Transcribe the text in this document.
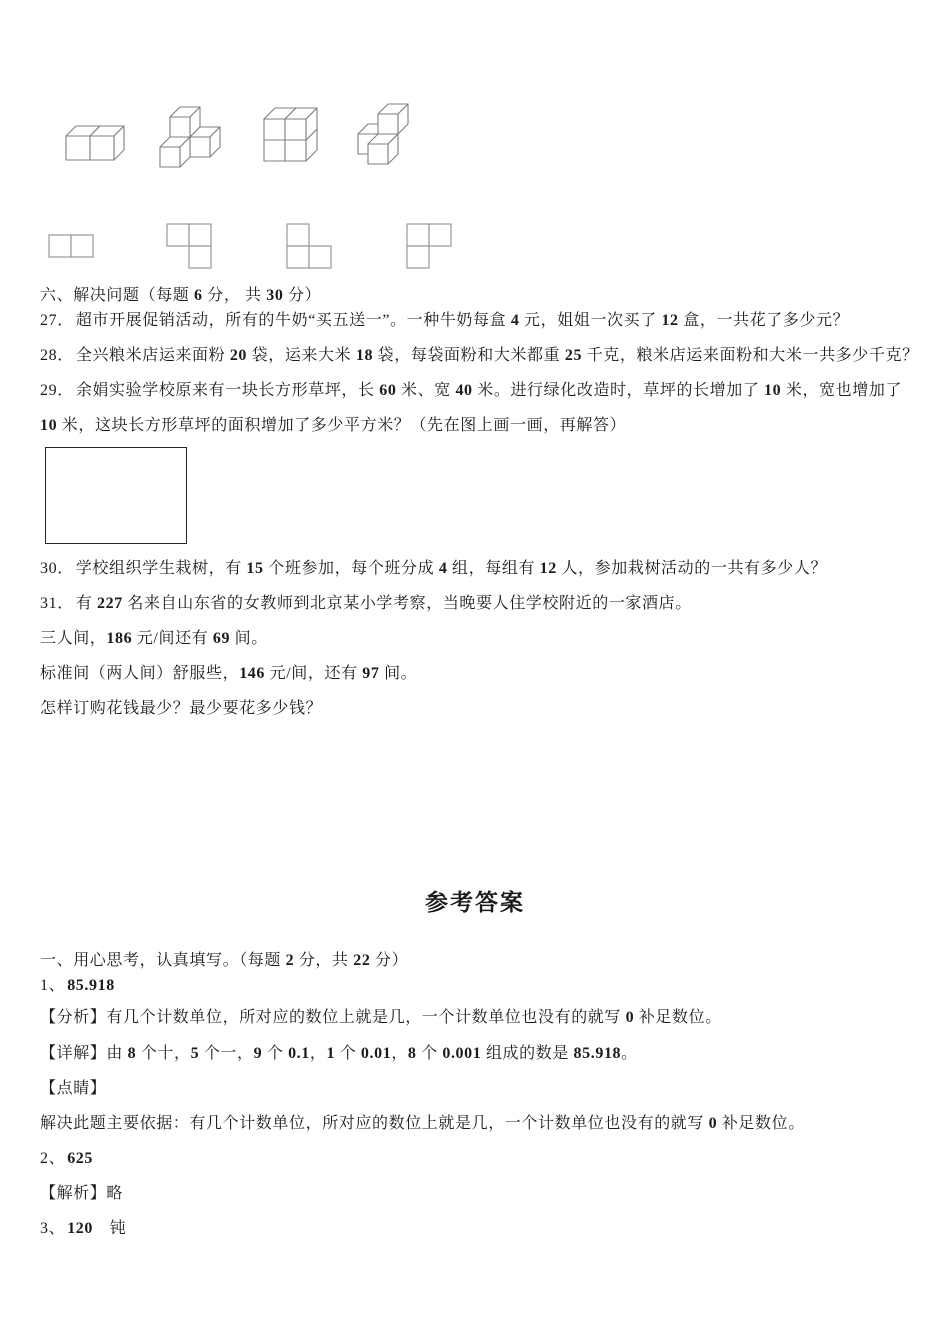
六、解决问题（每题 6 分， 共 30 分）
27． 超市开展促销活动，所有的牛奶“买五送一”。一种牛奶每盒 4 元，姐姐一次买了 12 盒，一共花了多少元？
28． 全兴粮米店运来面粉 20 袋，运来大米 18 袋，每袋面粉和大米都重 25 千克，粮米店运来面粉和大米一共多少千克？
29． 余娟实验学校原来有一块长方形草坪，长 60 米、宽 40 米。进行绿化改造时，草坪的长增加了 10 米，宽也增加了
10 米，这块长方形草坪的面积增加了多少平方米？（先在图上画一画，再解答）
30． 学校组织学生栽树，有 15 个班参加，每个班分成 4 组，每组有 12 人，参加栽树活动的一共有多少人？
31． 有 227 名来自山东省的女教师到北京某小学考察，当晚要人住学校附近的一家酒店。
三人间，186 元/间还有 69 间。
标准间（两人间）舒服些，146 元/间，还有 97 间。
怎样订购花钱最少？最少要花多少钱？
参考答案
一、用心思考，认真填写。（每题 2 分，共 22 分）
1、 85.918
【分析】有几个计数单位，所对应的数位上就是几，一个计数单位也没有的就写 0 补足数位。
【详解】由 8 个十，5 个一，9 个 0.1，1 个 0.01，8 个 0.001 组成的数是 85.918。
【点睛】
解决此题主要依据：有几个计数单位，所对应的数位上就是几，一个计数单位也没有的就写 0 补足数位。
2、 625
【解析】略
3、 120　钝
